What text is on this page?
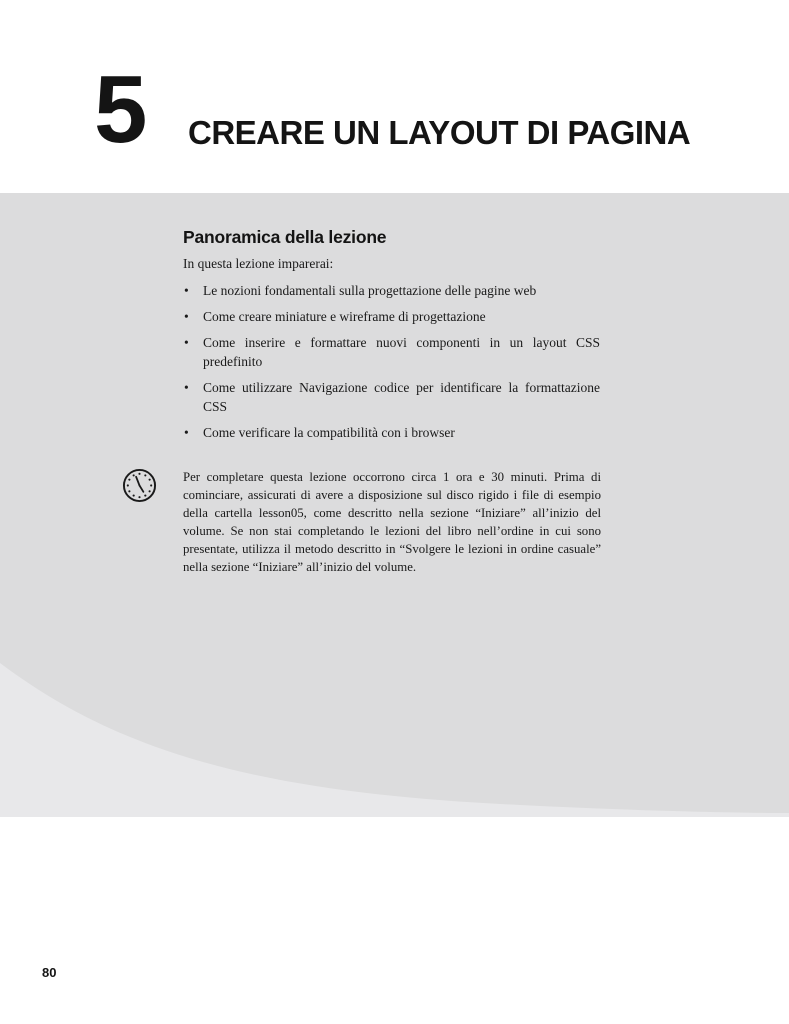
5 CREARE UN LAYOUT DI PAGINA
Panoramica della lezione

In questa lezione imparerai:

• Le nozioni fondamentali sulla progettazione delle pagine web
• Come creare miniature e wireframe di progettazione
• Come inserire e formattare nuovi componenti in un layout CSS predefinito
• Come utilizzare Navigazione codice per identificare la formattazione CSS
• Come verificare la compatibilità con i browser

Per completare questa lezione occorrono circa 1 ora e 30 minuti. Prima di cominciare, assicurati di avere a disposizione sul disco rigido i file di esempio della cartella lesson05, come descritto nella sezione “Iniziare” all’inizio del volume. Se non stai completando le lezioni del libro nell’ordine in cui sono presentate, utilizza il metodo descritto in “Svolgere le lezioni in ordine casuale” nella sezione “Iniziare” all’inizio del volume.

80
